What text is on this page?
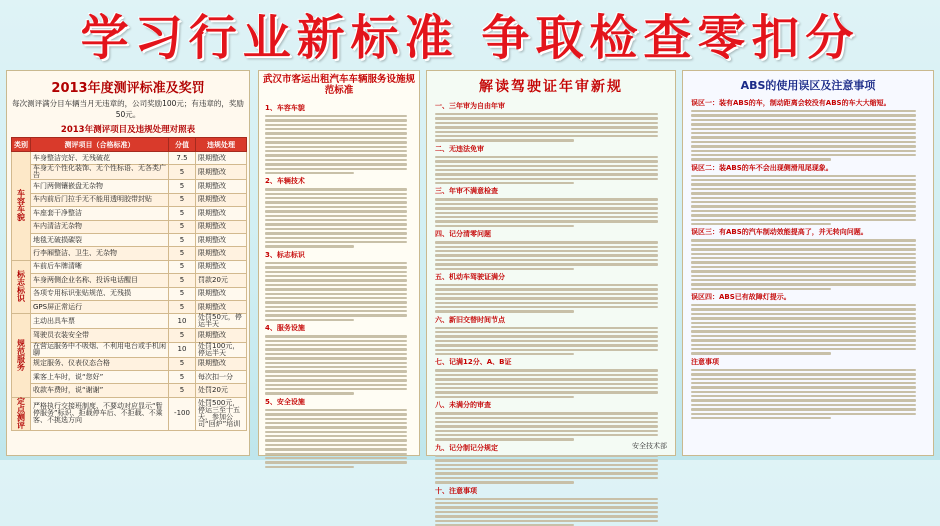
学习行业新标准 争取检查零扣分
2013年度测评标准及奖罚
每次测评满分目车辆当月无违章的，公司奖励100元；有违章的，奖励50元。
2013年测评项目及违规处理对照表
类别	测评项目（合格标准）	分值	违规处理
车容车貌	车身整洁完好、无残破花	7.5	限期整改
	车身无个性化装饰、无个性标语、无各类广告	5	限期整改
	车门两侧镶嵌盘无杂物	5	限期整改
	车内前后门拉手无不能用透明胶带封贴	5	限期整改
	车座套干净整洁	5	限期整改
	车内清洁无杂物	5	限期整改
	地毯无破损碳裂	5	限期整改
	行李厢整洁、卫生、无杂物	5	限期整改
标志标识	车前后车牌清晰	5	限期整改
	车身两侧企业名称、投诉电话醒目	5	罚款20元
	各项专用标识张贴规范、无残损	5	限期整改
	GPS屏正常运行	5	限期整改
规范服务	主动出具车票	10	处罚50元，停运半天
	驾驶员衣装安全带	5	限期整改
	在营运服务中不吸烟、不利用电台或手机闲聊	10	处罚100元，停运半天
	规定服务、仪表仪态合格	5	限期整改
	乘客上车时，说“您好”	5	每次扣一分
	收款车费时，说“谢谢”	5	处罚20元
定点测评	严格执行交接班制度、不要动对应显示“暂停服务”标识、拒载停车后、不拒载、不乘客、不挑选方向	-100	处罚500元，停运三至十五天，参加公司“回炉”培训
武汉市客运出租汽车车辆服务设施规范标准
1、车容车貌
2、车辆技术
3、标志标识
4、服务设施
5、安全设施
解读驾驶证年审新规
一、三年审为自由年审
二、无违法免审
三、年审不满意检查
四、记分清零问题
五、机动车驾驶证满分
六、新旧交替时间节点
七、记满12分、A、B证
八、未满分的审查
九、记分制记分规定
十、注意事项
安全技术部
ABS的使用误区及注意事项
误区一：装有ABS的车，制动距离会较没有ABS的车大大缩短。
误区二：装ABS的车不会出现侧滑甩尾现象。
误区三：有ABS的汽车制动效能提高了，并无转向问题。
误区四：ABS已有故障灯提示。
注意事项
